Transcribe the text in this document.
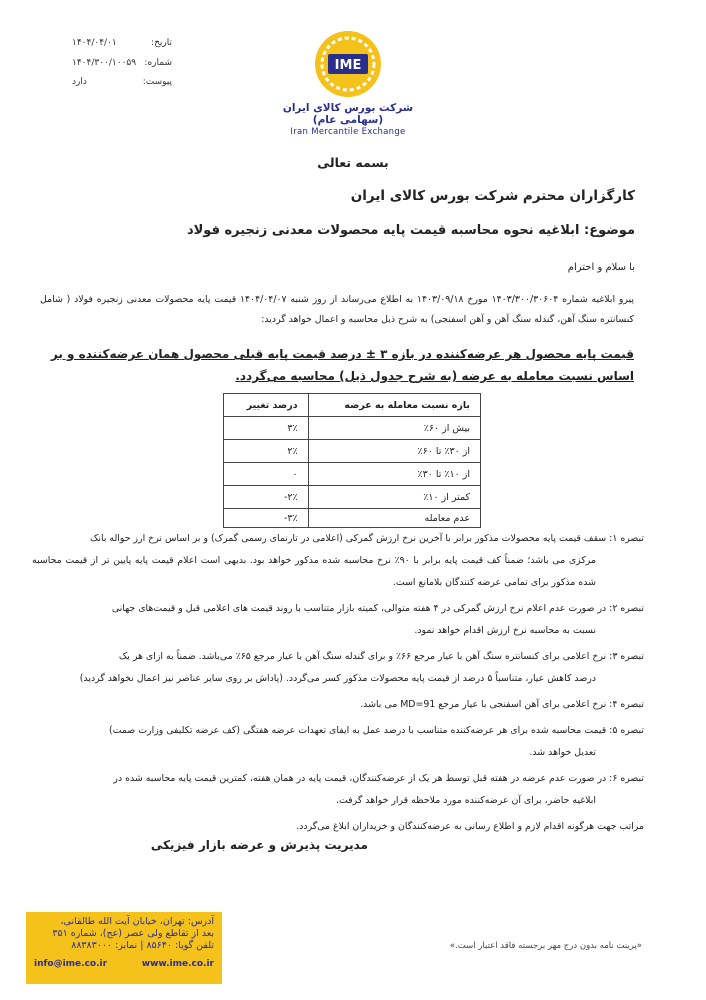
تاریخ:
۱۴۰۴/۰۴/۰۱
شماره:
۱۴۰۴/۳۰۰/۱۰۰۵۹
پیوست:
دارد
IME
شرکت بورس کالای ایران (سهامی عام)
Iran Mercantile Exchange
بسمه تعالی
کارگزاران محترم شرکت بورس کالای ایران
موضوع: ابلاغیه نحوه محاسبه قیمت پایه محصولات معدنی زنجیره فولاد
با سلام و احترام
پیرو ابلاغیه شماره ۱۴۰۳/۳۰۰/۳۰۶۰۴ مورخ ۱۴۰۳/۰۹/۱۸ به اطلاع می‌رساند از روز شنبه ۱۴۰۴/۰۴/۰۷ قیمت پایه محصولات معدنی زنجیره فولاد ( شامل کنسانتره سنگ آهن، گندله سنگ آهن و آهن اسفنجی) به شرح ذیل محاسبه و اعمال خواهد گردید:
قیمت پایه محصول هر عرضه‌کننده در بازه ۳ ± درصد قیمت پایه قبلی محصول همان عرضه‌کننده و بر اساس نسبت معامله به عرضه (به شرح جدول ذیل) محاسبه می‌گردد.
بازه نسبت معامله به عرضه	درصد تغییر
بیش از ۶۰٪	۳٪
از ۳۰٪ تا ۶۰٪	۲٪
از ۱۰٪ تا ۳۰٪	۰
کمتر از ۱۰٪	-۲٪
عدم معامله	-۳٪
تبصره ۱: سقف قیمت پایه محصولات مذکور برابر با آخرین نرخ ارزش گمرکی (اعلامی در تارنمای رسمی گمرک) و بر اساس نرخ ارز حواله بانک
مرکزی می باشد؛ ضمناً کف قیمت پایه برابر با ۹۰٪ نرخ محاسبه شده مذکور خواهد بود. بدیهی است اعلام قیمت پایه پایین تر از قیمت محاسبه شده مذکور برای تمامی عرضه کنندگان بلامانع است.
تبصره ۲: در صورت عدم اعلام نرخ ارزش گمرکی در ۴ هفته متوالی، کمیته بازار متناسب با روند قیمت های اعلامی قبل و قیمت‌های جهانی
نسبت به محاسبه نرخ ارزش اقدام خواهد نمود.
تبصره ۳: نرخ اعلامی برای کنسانتره سنگ آهن با عیار مرجع ۶۶٪ و برای گندله سنگ آهن با عیار مرجع ۶۵٪ می‌باشد. ضمناً به ازای هر یک
درصد کاهش عیار، متناسباً ۵ درصد از قیمت پایه محصولات مذکور کسر می‌گردد. (پاداش بر روی سایر عناصر نیز اعمال نخواهد گردید)
تبصره ۴: نرخ اعلامی برای آهن اسفنجی با عیار مرجع MD=91 می باشد.
تبصره ۵: قیمت محاسبه شده برای هر عرضه‌کننده متناسب با درصد عمل به ایفای تعهدات عرضه هفتگی (کف عرضه تکلیفی وزارت صمت)
تعدیل خواهد شد.
تبصره ۶: در صورت عدم عرضه در هفته قبل توسط هر یک از عرضه‌کنندگان، قیمت پایه در همان هفته، کمترین قیمت پایه محاسبه شده در
ابلاغیه حاضر، برای آن عرضه‌کننده مورد ملاحظه قرار خواهد گرفت.
مراتب جهت هرگونه اقدام لازم و اطلاع رسانی به عرضه‌کنندگان و خریداران ابلاغ می‌گردد.
مدیریت پذیرش و عرضه بازار فیزیکی
آدرس: تهران، خیابان آیت الله طالقانی،
بعد از تقاطع ولی عصر (عج)، شماره ۳۵۱
تلفن گویا: ۸۵۶۴۰ | نمابر: ۸۸۳۸۳۰۰۰
info@ime.co.ir	www.ime.co.ir
«پرینت نامه بدون درج مهر برجسته فاقد اعتبار است.»
